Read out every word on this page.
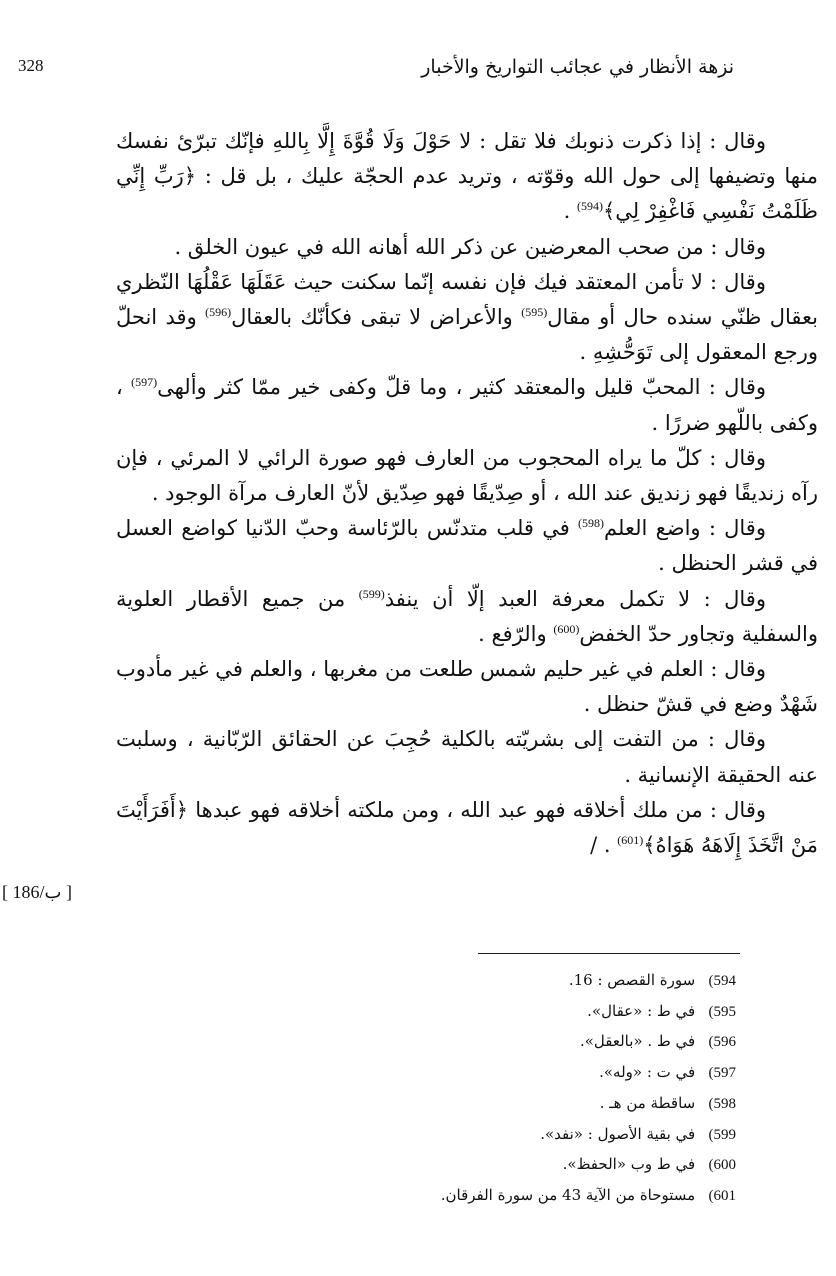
328	نزهة الأنظار في عجائب التواريخ والأخبار

وقال : إذا ذكرت ذنوبك فلا تقل : لا حَوْلَ وَلَا قُوَّةَ إِلَّا بِاللهِ فإنّك تبرّئ نفسك منها وتضيفها إلى حول الله وقوّته ، وتريد عدم الحجّة عليك ، بل قل : ﴿رَبِّ إِنِّي ظَلَمْتُ نَفْسِي فَاغْفِرْ لِي﴾$^{(594)}$ .

وقال : من صحب المعرضين عن ذكر الله أهانه الله في عيون الخلق .

وقال : لا تأمن المعتقد فيك فإن نفسه إنّما سكنت حيث عَقَلَهَا عَقْلُهَا النّظري بعقال ظنّي سنده حال أو مقال$^{(595)}$ والأعراض لا تبقى فكأنّك بالعقال$^{(596)}$ وقد انحلّ ورجع المعقول إلى تَوَحُّشِهِ .

وقال : المحبّ قليل والمعتقد كثير ، وما قلّ وكفى خير ممّا كثر وألهى$^{(597)}$ ، وكفى باللّهو ضررًا .

وقال : كلّ ما يراه المحجوب من العارف فهو صورة الرائي لا المرئي ، فإن رآه زنديقًا فهو زنديق عند الله ، أو صِدّيقًا فهو صِدّيق لأنّ العارف مرآة الوجود .

وقال : واضع العلم$^{(598)}$ في قلب متدنّس بالرّئاسة وحبّ الدّنيا كواضع العسل في قشر الحنظل .

وقال : لا تكمل معرفة العبد إلّا أن ينفذ$^{(599)}$ من جميع الأقطار العلوية والسفلية وتجاور حدّ الخفض$^{(600)}$ والرّفع .

وقال : العلم في غير حليم شمس طلعت من مغربها ، والعلم في غير مأدوب شَهْدٌ وضع في قشّ حنظل .

وقال : من التفت إلى بشريّته بالكلية حُجِبَ عن الحقائق الرّبّانية ، وسلبت عنه الحقيقة الإنسانية .

وقال : من ملك أخلاقه فهو عبد الله ، ومن ملكته أخلاقه فهو عبدها ﴿أَفَرَأَيْتَ مَنْ اتَّخَذَ إِلَاهَهُ هَوَاهُ﴾$^{(601)}$ . /

[ 186/ب ]
594) سورة القصص : 16.
595) في ط : «عقال».
596) في ط . «بالعقل».
597) في ت : «وله».
598) ساقطة من هـ .
599) في بقية الأصول : «نفد».
600) في ط وب «الحفظ».
601) مستوحاة من الآية 43 من سورة الفرقان.
